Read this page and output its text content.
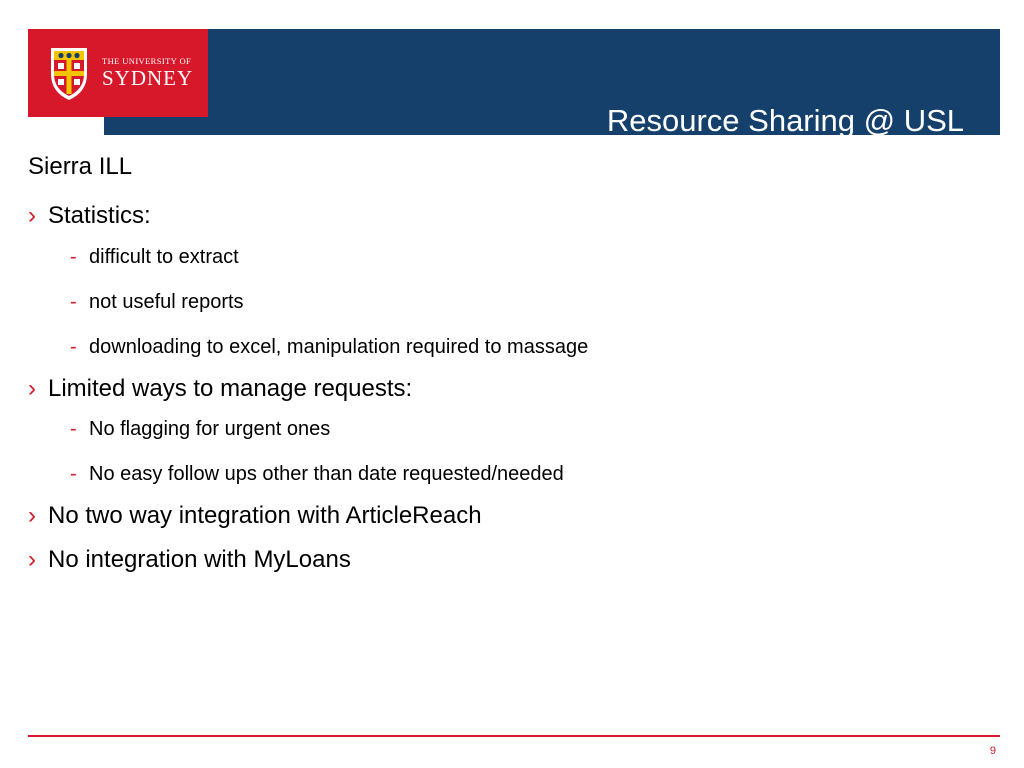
Resource Sharing @ USL
THE UNIVERSITY OF
SYDNEY
Sierra ILL
› Statistics:
- difficult to extract
- not useful reports
- downloading to excel, manipulation required to massage
› Limited ways to manage requests:
- No flagging for urgent ones
- No easy follow ups other than date requested/needed
› No two way integration with ArticleReach
› No integration with MyLoans
9
